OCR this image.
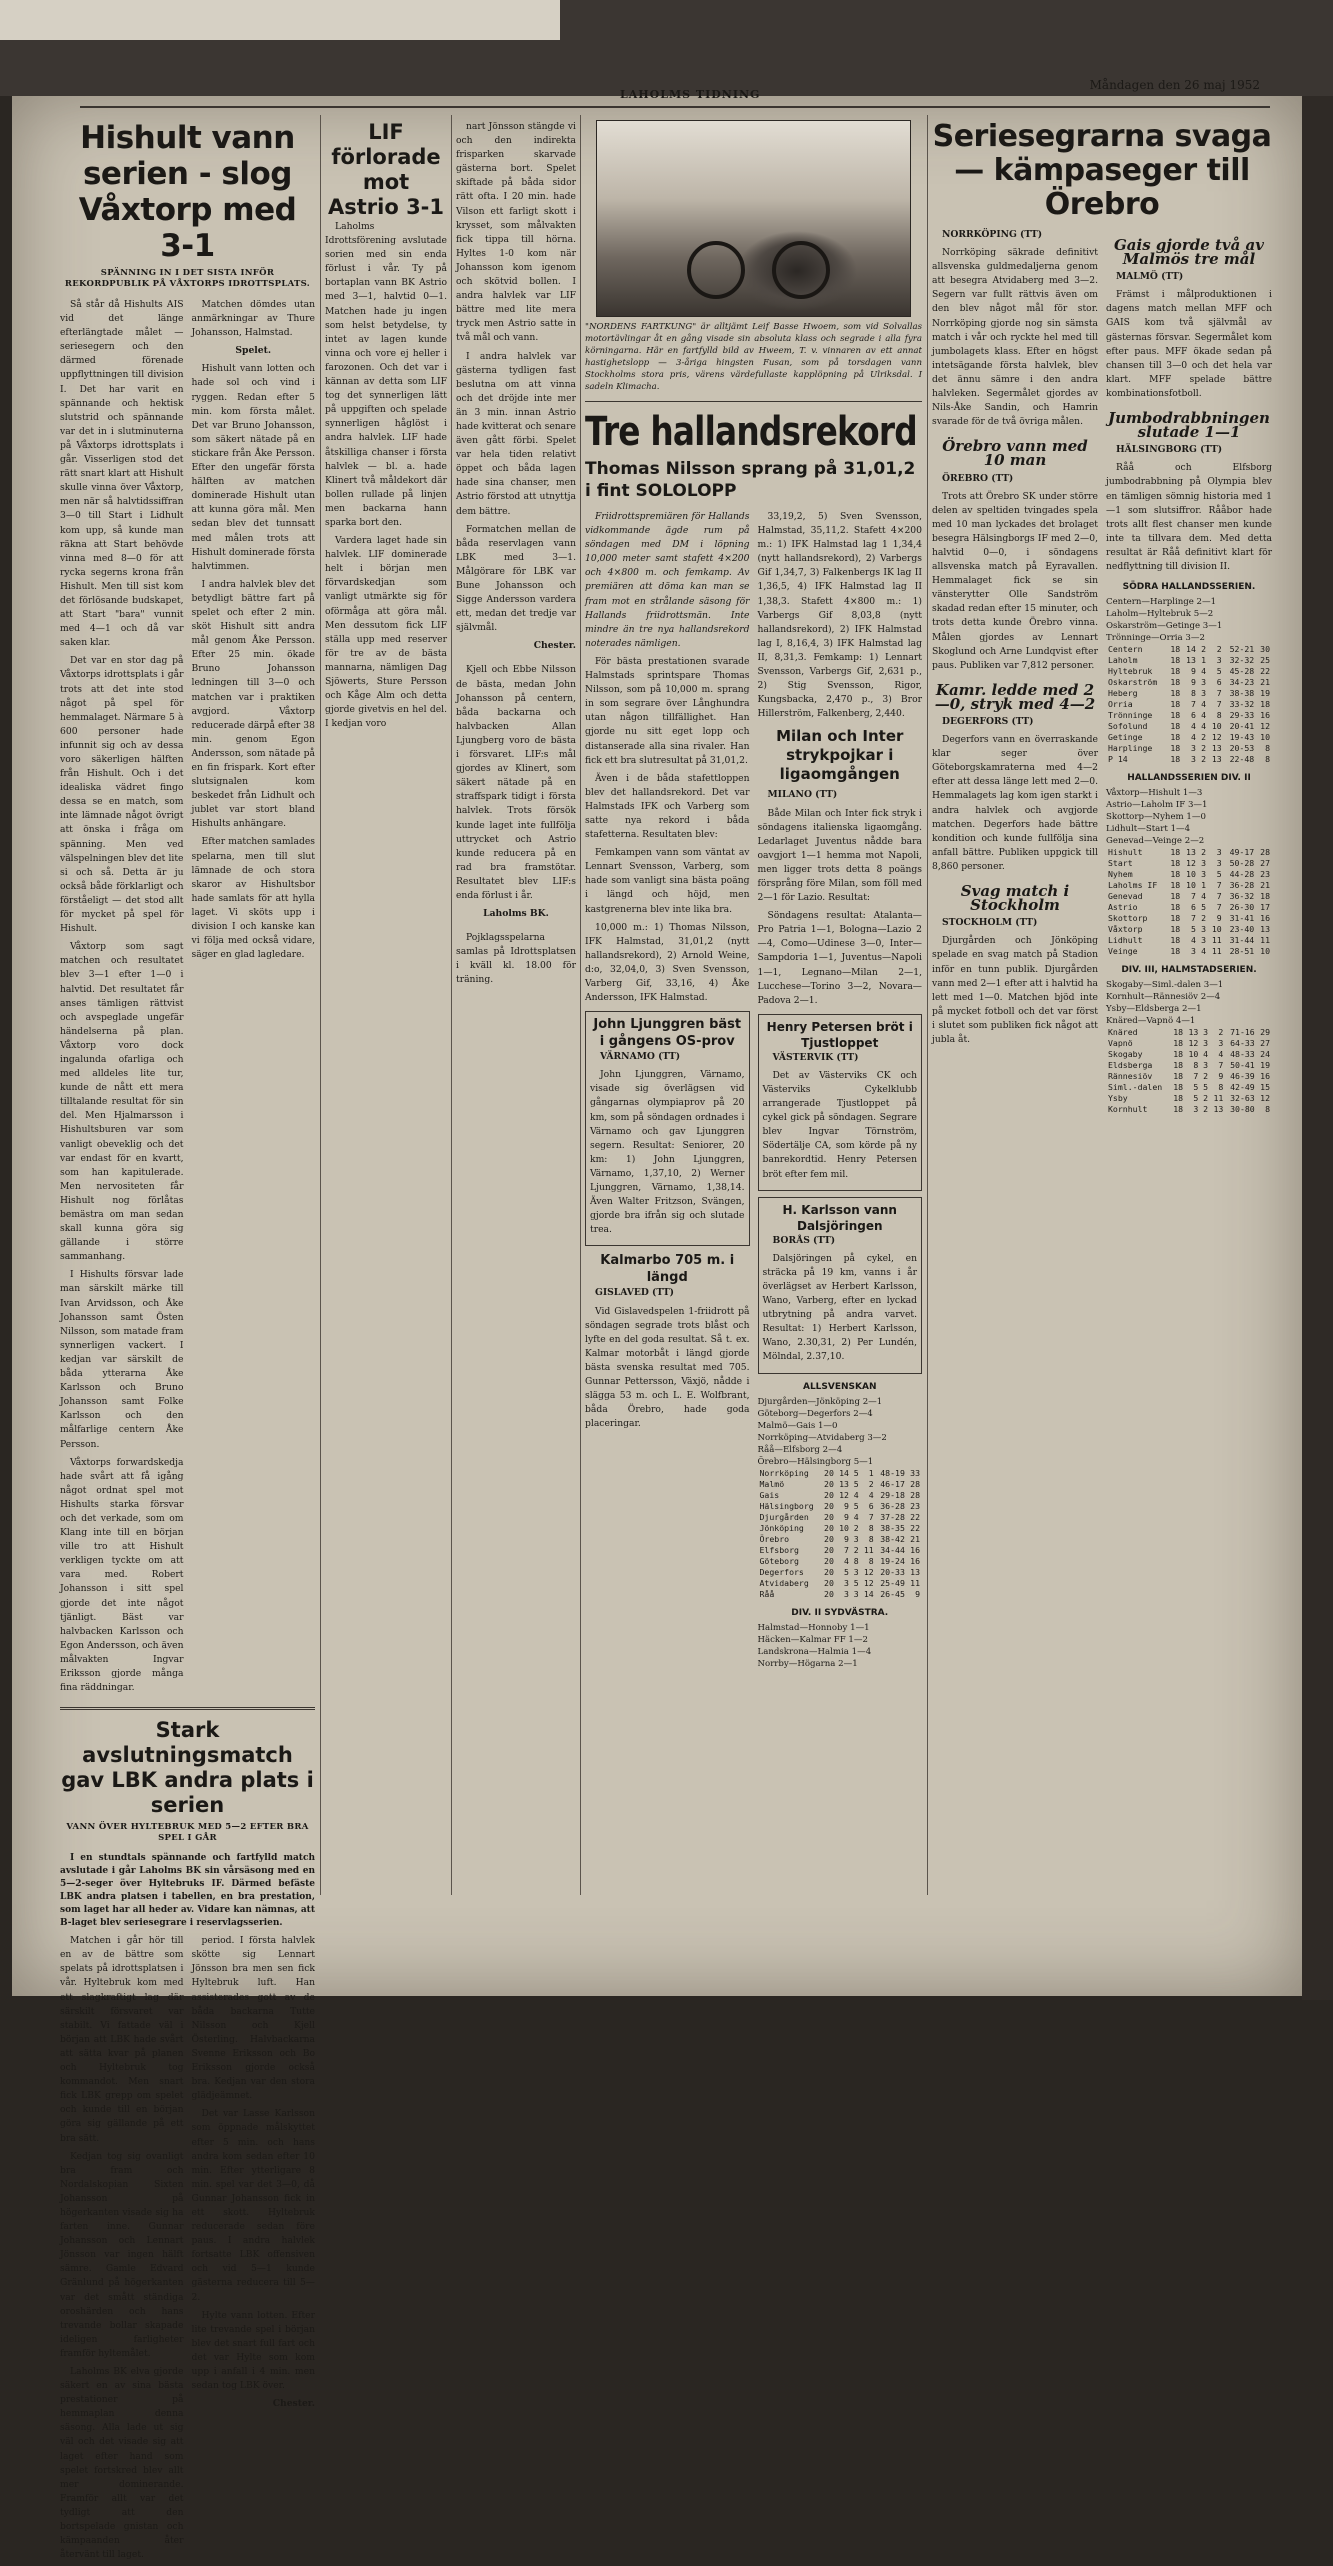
LAHOLMS TIDNING
Måndagen den 26 maj 1952
Hishult vann serien - slog Våxtorp med 3-1
SPÄNNING IN I DET SISTA INFÖR REKORDPUBLIK PÅ VÅXTORPS IDROTTSPLATS.

Så står då Hishults AIS vid det länge efterlängtade målet — seriesegern och den därmed förenade uppflyttningen till division I. Det har varit en spännande och hektisk slutstrid och spännande var det in i slutminuterna på Våxtorps idrottsplats i går. Visserligen stod det rätt snart klart att Hishult skulle vinna över Våxtorp, men när så halvtidssiffran 3—0 till Start i Lidhult kom upp, så kunde man räkna att Start behövde vinna med 8—0 för att rycka segerns krona från Hishult. Men till sist kom det förlösande budskapet, att Start "bara" vunnit med 4—1 och då var saken klar.

Det var en stor dag på Våxtorps idrottsplats i går trots att det inte stod något på spel för hemmalaget. Närmare 5 à 600 personer hade infunnit sig och av dessa voro säkerligen hälften från Hishult. Och i det idealiska vädret fingo dessa se en match, som inte lämnade något övrigt att önska i fråga om spänning. Men ved välspelningen blev det lite si och så. Detta är ju också både förklarligt och förståeligt — det stod allt för mycket på spel för Hishult.

Våxtorp som sagt matchen och resultatet blev 3—1 efter 1—0 i halvtid. Det resultatet får anses tämligen rättvist och avspeglade ungefär händelserna på plan. Våxtorp voro dock ingalunda ofarliga och med alldeles lite tur, kunde de nått ett mera tilltalande resultat för sin del. Men Hjalmarsson i Hishultsburen var som vanligt obeveklig och det var endast för en kvartt, som han kapitulerade. Men nervositeten får Hishult nog förlåtas bemästra om man sedan skall kunna göra sig gällande i större sammanhang.

I Hishults försvar lade man särskilt märke till Ivan Arvidsson, och Åke Johansson samt Östen Nilsson, som matade fram synnerligen vackert. I kedjan var särskilt de båda ytterarna Åke Karlsson och Bruno Johansson samt Folke Karlsson och den målfarlige centern Åke Persson.

Våxtorps forwardskedja hade svårt att få igång något ordnat spel mot Hishults starka försvar och det verkade, som om Klang inte till en början ville tro att Hishult verkligen tyckte om att vara med. Robert Johansson i sitt spel gjorde det inte något tjänligt. Bäst var halvbacken Karlsson och Egon Andersson, och även målvakten Ingvar Eriksson gjorde många fina räddningar.

Matchen dömdes utan anmärkningar av Thure Johansson, Halmstad.

Spelet.

Hishult vann lotten och hade sol och vind i ryggen. Redan efter 5 min. kom första målet. Det var Bruno Johansson, som säkert nätade på en stickare från Åke Persson. Efter den ungefär första hälften av matchen dominerade Hishult utan att kunna göra mål. Men sedan blev det tunnsatt med målen trots att Hishult dominerade första halvtimmen.

I andra halvlek blev det betydligt bättre fart på spelet och efter 2 min. sköt Hishult sitt andra mål genom Åke Persson. Efter 25 min. ökade Bruno Johansson ledningen till 3—0 och matchen var i praktiken avgjord. Våxtorp reducerade därpå efter 38 min. genom Egon Andersson, som nätade på en fin frispark. Kort efter slutsignalen kom beskedet från Lidhult och jublet var stort bland Hishults anhängare.

Efter matchen samlades spelarna, men till slut lämnade de och stora skaror av Hishultsbor hade samlats för att hylla laget. Vi sköts upp i division I och kanske kan vi följa med också vidare, säger en glad lagledare.

Stark avslutningsmatch gav LBK andra plats i serien
VANN ÖVER HYLTEBRUK MED 5—2 EFTER BRA SPEL I GÅR

I en stundtals spännande och fartfylld match avslutade i går Laholms BK sin vårsäsong med en 5—2-seger över Hyltebruks IF. Därmed befäste LBK andra platsen i tabellen, en bra prestation, som laget har all heder av. Vidare kan nämnas, att B-laget blev seriesegrare i reservlagsserien.

Matchen i går hör till en av de bättre som spelats på idrottsplatsen i vår. Hyltebruk kom med ett slagkraftigt lag där särskilt försvaret var stabilt. Vi fattade väl i början att LBK hade svårt att sätta kvar på planen och Hyltebruk tog kommandot. Men snart fick LBK grepp om spelet och kunde till en början göra sig gällande på ett bra sätt.

Kedjan tog sig ovanligt bra fram och Nordalskopian Sixten Johansson på högerkanten visade sig ha farten inne. Gunnar Johansson och Lennart Jönsson var ingen hälft sämre. Gamle Edvard Gränlund på högerkanten var det smått ständiga oroshärden och hans trevande bollar skapade ideligen farligheter framför hyltemålet.

Laholms BK elva gjorde säkert en av sina bästa prestationer på hemmaplan denna säsong. Alla lade ut sig väl och det visade sig att laget efter hand som spelet fortskred blev allt mer dominerande. Framför allt var det tydligt att den bortspelade gnistan och kämpaanden åter återvänt till laget.

period. I första halvlek skötte sig Lennart Jönsson bra men sen fick Hyltebruk luft. Han assisterades gott av de båda backarna Tutte Nilsson och Kjell Österling. Halvbackarna Svenne Eriksson och Bo Eriksson gjorde också bra. Kedjan var den stora glädjeämnet.

Det var Lasse Karlsson som öppnade målskyttet efter 5 min. och hans andra kom sedan efter 10 min. Efter ytterligare 8 min. spel var det 3—0, då Gunnar Johansson fick in ett skott. Hyltebruk reducerade sedan före paus. I andra halvlek fortsatte LBK offensiven och vid 5—1 kunde gästerna reducera till 5—2.

Hylte vann lotten. Efter lite trevande spel i början blev det snart full fart och det var Hylte som kom upp i anfall i 4 min. men sedan tog LBK över.

Chester.
LIF förlorade mot Astrio 3-1

Laholms Idrottsförening avslutade sorien med sin enda förlust i vår. Ty på bortaplan vann BK Astrio med 3—1, halvtid 0—1. Matchen hade ju ingen som helst betydelse, ty intet av lagen kunde vinna och vore ej heller i farozonen. Och det var i kännan av detta som LIF tog det synnerligen lätt på uppgiften och spelade synnerligen håglöst i andra halvlek. LIF hade åtskilliga chanser i första halvlek — bl. a. hade Klinert två måldekort där bollen rullade på linjen men backarna hann sparka bort den.

Vardera laget hade sin halvlek. LIF dominerade helt i början men förvardskedjan som vanligt utmärkte sig för oförmåga att göra mål. Men dessutom fick LIF ställa upp med reserver för tre av de bästa mannarna, nämligen Dag Sjöwerts, Sture Persson och Kåge Alm och detta gjorde givetvis en hel del. I kedjan voro

nart Jönsson stängde vi och den indirekta frisparken skarvade gästerna bort. Spelet skiftade på båda sidor rätt ofta. I 20 min. hade Vilson ett farligt skott i krysset, som målvakten fick tippa till hörna. Hyltes 1-0 kom när Johansson kom igenom och skötvid bollen. I andra halvlek var LIF bättre med lite mera tryck men Astrio satte in två mål och vann.

I andra halvlek var gästerna tydligen fast beslutna om att vinna och det dröjde inte mer än 3 min. innan Astrio hade kvitterat och senare även gått förbi. Spelet var hela tiden relativt öppet och båda lagen hade sina chanser, men Astrio förstod att utnyttja dem bättre.

Formatchen mellan de båda reservlagen vann LBK med 3—1. Målgörare för LBK var Bune Johansson och Sigge Andersson vardera ett, medan det tredje var självmål.

Chester.

Kjell och Ebbe Nilsson de bästa, medan John Johansson på centern, båda backarna och halvbacken Allan Ljungberg voro de bästa i försvaret. LIF:s mål gjordes av Klinert, som säkert nätade på en straffspark tidigt i första halvlek. Trots försök kunde laget inte fullfölja uttrycket och Astrio kunde reducera på en rad bra framstötar. Resultatet blev LIF:s enda förlust i år.

Laholms BK.

Pojklagsspelarna samlas på Idrottsplatsen i kväll kl. 18.00 för träning.

"NORDENS FARTKUNG" är alltjämt Leif Basse Hwoem, som vid Solvallas motortävlingar åt en gång visade sin absoluta klass och segrade i alla fyra körningarna. Här en fartfylld bild av Hweem, T. v. vinnaren av ett annat hastighetslopp — 3-åriga hingsten Fusan, som på torsdagen vann Stockholms stora pris, värens värdefullaste kapplöpning på Ulriksdal. I sadeln Klimacha.
Tre hallandsrekord
Thomas Nilsson sprang på 31,01,2 i fint SOLOLOPP

Friidrottspremiären för Hallands vidkommande ägde rum på söndagen med DM i löpning 10,000 meter samt stafett 4×200 och 4×800 m. och femkamp. Av premiären att döma kan man se fram mot en strålande säsong för Hallands friidrottsmän. Inte mindre än tre nya hallandsrekord noterades nämligen.

För bästa prestationen svarade Halmstads sprintspare Thomas Nilsson, som på 10,000 m. sprang in som segrare över Långhundra utan någon tillfällighet. Han gjorde nu sitt eget lopp och distanserade alla sina rivaler. Han fick ett bra slutresultat på 31,01,2.

Även i de båda stafettloppen blev det hallandsrekord. Det var Halmstads IFK och Varberg som satte nya rekord i båda stafetterna. Resultaten blev:

Femkampen vann som väntat av Lennart Svensson, Varberg, som hade som vanligt sina bästa poäng i längd och höjd, men kastgrenerna blev inte lika bra.

10,000 m.: 1) Thomas Nilsson, IFK Halmstad, 31,01,2 (nytt hallandsrekord), 2) Arnold Weine, d:o, 32,04,0, 3) Sven Svensson, Varberg Gif, 33,16, 4) Åke Andersson, IFK Halmstad.

John Ljunggren bäst i gångens OS-prov

VÄRNAMO (TT)

John Ljunggren, Värnamo, visade sig överlägsen vid gångarnas olympiaprov på 20 km, som på söndagen ordnades i Värnamo och gav Ljunggren segern. Resultat: Seniorer, 20 km: 1) John Ljunggren, Värnamo, 1,37,10, 2) Werner Ljunggren, Värnamo, 1,38,14. Även Walter Fritzson, Svängen, gjorde bra ifrån sig och slutade trea.

Kalmarbo 705 m. i längd

GISLAVED (TT)

Vid Gislavedspelen 1-friidrott på söndagen segrade trots blåst och lyfte en del goda resultat. Så t. ex. Kalmar motorbåt i längd gjorde bästa svenska resultat med 705. Gunnar Pettersson, Växjö, nådde i slägga 53 m. och L. E. Wolfbrant, båda Örebro, hade goda placeringar.

33,19,2, 5) Sven Svensson, Halmstad, 35,11,2. Stafett 4×200 m.: 1) IFK Halmstad lag 1 1,34,4 (nytt hallandsrekord), 2) Varbergs Gif 1,34,7, 3) Falkenbergs IK lag II 1,36,5, 4) IFK Halmstad lag II 1,38,3. Stafett 4×800 m.: 1) Varbergs Gif 8,03,8 (nytt hallandsrekord), 2) IFK Halmstad lag I, 8,16,4, 3) IFK Halmstad lag II, 8,31,3. Femkamp: 1) Lennart Svensson, Varbergs Gif, 2,631 p., 2) Stig Svensson, Rigor, Kungsbacka, 2,470 p., 3) Bror Hillerström, Falkenberg, 2,440.

Milan och Inter strykpojkar i ligaomgången

MILANO (TT)

Både Milan och Inter fick stryk i söndagens italienska ligaomgång. Ledarlaget Juventus nådde bara oavgjort 1—1 hemma mot Napoli, men ligger trots detta 8 poängs försprång före Milan, som föll med 2—1 för Lazio. Resultat:

Söndagens resultat: Atalanta—Pro Patria 1—1, Bologna—Lazio 2—4, Como—Udinese 3—0, Inter—Sampdoria 1—1, Juventus—Napoli 1—1, Legnano—Milan 2—1, Lucchese—Torino 3—2, Novara—Padova 2—1.

Henry Petersen bröt i Tjustloppet

VÄSTERVIK (TT)

Det av Västerviks CK och Västerviks Cykelklubb arrangerade Tjustloppet på cykel gick på söndagen. Segrare blev Ingvar Törnström, Södertälje CA, som körde på ny banrekordtid. Henry Petersen bröt efter fem mil.

H. Karlsson vann Dalsjöringen

BORÅS (TT)

Dalsjöringen på cykel, en sträcka på 19 km, vanns i år överlägset av Herbert Karlsson, Wano, Varberg, efter en lyckad utbrytning på andra varvet. Resultat: 1) Herbert Karlsson, Wano, 2.30,31, 2) Per Lundén, Mölndal, 2.37,10.

ALLSVENSKAN
Djurgården—Jönköping 2—1
Göteborg—Degerfors 2—4
Malmö—Gais 1—0
Norrköping—Atvidaberg 3—2
Råå—Elfsborg 2—4
Örebro—Hälsingborg 5—1
Norrköping	20	14	5	1	48-19	33
Malmö	20	13	5	2	46-17	28
Gais	20	12	4	4	29-18	28
Hälsingborg	20	9	5	6	36-28	23
Djurgården	20	9	4	7	37-28	22
Jönköping	20	10	2	8	38-35	22
Örebro	20	9	3	8	38-42	21
Elfsborg	20	7	2	11	34-44	16
Göteborg	20	4	8	8	19-24	16
Degerfors	20	5	3	12	20-33	13
Atvidaberg	20	3	5	12	25-49	11
Råå	20	3	3	14	26-45	9
DIV. II SYDVÄSTRA.
Halmstad—Honnoby 1—1
Häcken—Kalmar FF 1—2
Landskrona—Halmia 1—4
Norrby—Högarna 2—1
Seriesegrarna svaga — kämpaseger till Örebro

NORRKÖPING (TT)

Norrköping säkrade definitivt allsvenska guldmedaljerna genom att besegra Atvidaberg med 3—2. Segern var fullt rättvis även om den blev något mål för stor. Norrköping gjorde nog sin sämsta match i vår och ryckte hel med till jumbolagets klass. Efter en högst intetsägande första halvlek, blev det ännu sämre i den andra halvleken. Segermålet gjordes av Nils-Åke Sandin, och Hamrin svarade för de två övriga målen.

Örebro vann med 10 man

ÖREBRO (TT)

Trots att Örebro SK under större delen av speltiden tvingades spela med 10 man lyckades det brolaget besegra Hälsingborgs IF med 2—0, halvtid 0—0, i söndagens allsvenska match på Eyravallen. Hemmalaget fick se sin vänsterytter Olle Sandström skadad redan efter 15 minuter, och trots detta kunde Örebro vinna. Målen gjordes av Lennart Skoglund och Arne Lundqvist efter paus. Publiken var 7,812 personer.

Kamr. ledde med 2—0, stryk med 4—2

DEGERFORS (TT)

Degerfors vann en överraskande klar seger över Göteborgskamraterna med 4—2 efter att dessa länge lett med 2—0. Hemmalagets lag kom igen starkt i andra halvlek och avgjorde matchen. Degerfors hade bättre kondition och kunde fullfölja sina anfall bättre. Publiken uppgick till 8,860 personer.

Svag match i Stockholm

STOCKHOLM (TT)

Djurgården och Jönköping spelade en svag match på Stadion inför en tunn publik. Djurgården vann med 2—1 efter att i halvtid ha lett med 1—0. Matchen bjöd inte på mycket fotboll och det var först i slutet som publiken fick något att jubla åt.

Gais gjorde två av Malmös tre mål

MALMÖ (TT)

Främst i målproduktionen i dagens match mellan MFF och GAIS kom två självmål av gästernas försvar. Segermålet kom efter paus. MFF ökade sedan på chansen till 3—0 och det hela var klart. MFF spelade bättre kombinationsfotboll.

Jumbodrabbningen slutade 1—1

HÄLSINGBORG (TT)

Råå och Elfsborg jumbodrabbning på Olympia blev en tämligen sömnig historia med 1—1 som slutsiffror. Rååbor hade trots allt flest chanser men kunde inte ta tillvara dem. Med detta resultat är Råå definitivt klart för nedflyttning till division II.

SÖDRA HALLANDSSERIEN.
Centern—Harplinge 2—1
Laholm—Hyltebruk 5—2
Oskarström—Getinge 3—1
Trönninge—Orria 3—2
Centern	18	14	2	2	52-21	30
Laholm	18	13	1	3	32-32	25
Hyltebruk	18	9	4	5	45-28	22
Oskarström	18	9	3	6	34-23	21
Heberg	18	8	3	7	38-38	19
Orria	18	7	4	7	33-32	18
Trönninge	18	6	4	8	29-33	16
Sofolund	18	4	4	10	20-41	12
Getinge	18	4	2	12	19-43	10
Harplinge	18	3	2	13	20-53	8
P 14	18	3	2	13	22-48	8
HALLANDSSERIEN DIV. II
Våxtorp—Hishult 1—3
Astrio—Laholm IF 3—1
Skottorp—Nyhem 1—0
Lidhult—Start 1—4
Genevad—Veinge 2—2
Hishult	18	13	2	3	49-17	28
Start	18	12	3	3	50-28	27
Nyhem	18	10	3	5	44-28	23
Laholms IF	18	10	1	7	36-28	21
Genevad	18	7	4	7	36-32	18
Astrio	18	6	5	7	26-30	17
Skottorp	18	7	2	9	31-41	16
Våxtorp	18	5	3	10	23-40	13
Lidhult	18	4	3	11	31-44	11
Veinge	18	3	4	11	28-51	10
DIV. III, HALMSTADSERIEN.
Skogaby—Siml.-dalen 3—1
Kornhult—Rännesiöv 2—4
Ysby—Eldsberga 2—1
Knäred—Vapnö 4—1
Knäred	18	13	3	2	71-16	29
Vapnö	18	12	3	3	64-33	27
Skogaby	18	10	4	4	48-33	24
Eldsberga	18	8	3	7	50-41	19
Rännesiöv	18	7	2	9	46-39	16
Siml.-dalen	18	5	5	8	42-49	15
Ysby	18	5	2	11	32-63	12
Kornhult	18	3	2	13	30-80	8
